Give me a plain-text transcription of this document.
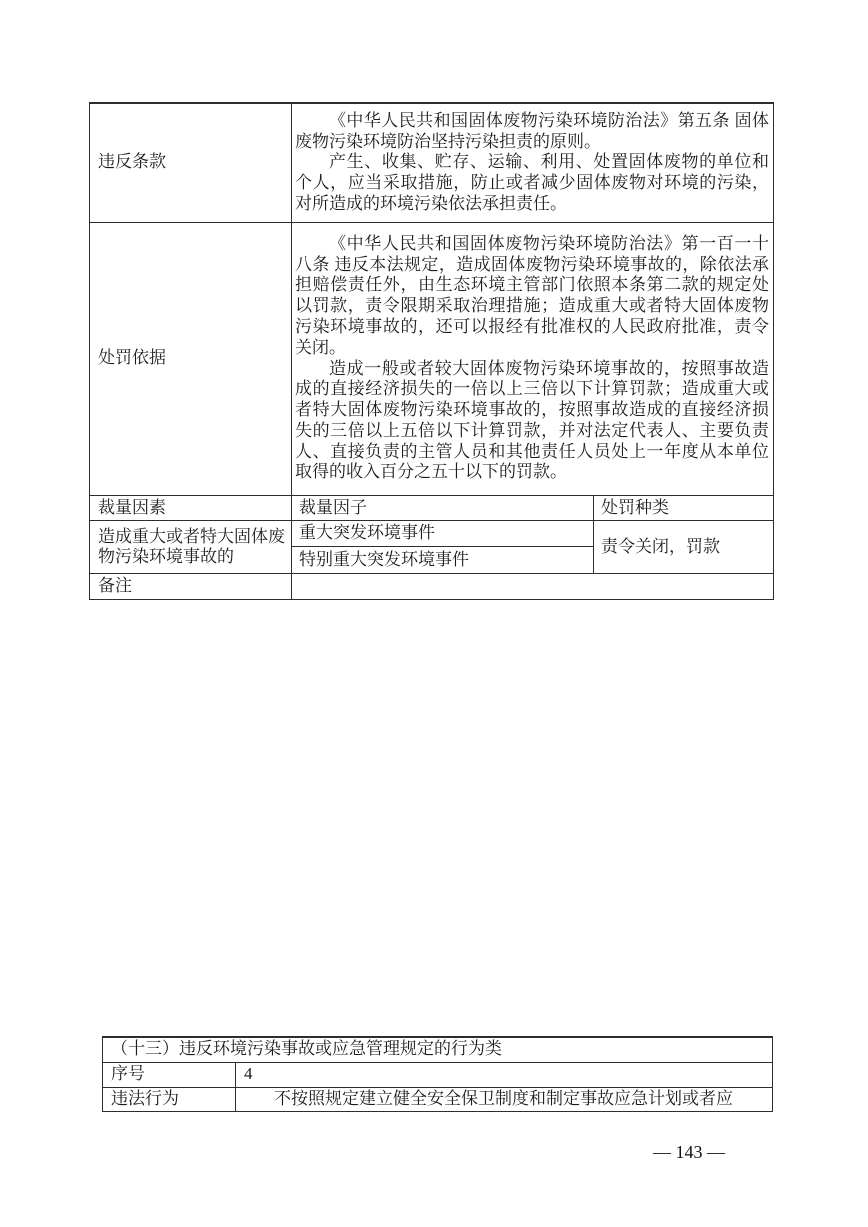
违反条款	《中华人民共和国固体废物污染环境防治法》第五条 固体废物污染环境防治坚持污染担责的原则。

产生、收集、贮存、运输、利用、处置固体废物的单位和个人，应当采取措施，防止或者减少固体废物对环境的污染，对所造成的环境污染依法承担责任。	

处罚依据	《中华人民共和国固体废物污染环境防治法》第一百一十八条 违反本法规定，造成固体废物污染环境事故的，除依法承担赔偿责任外，由生态环境主管部门依照本条第二款的规定处以罚款，责令限期采取治理措施；造成重大或者特大固体废物污染环境事故的，还可以报经有批准权的人民政府批准，责令关闭。

造成一般或者较大固体废物污染环境事故的，按照事故造成的直接经济损失的一倍以上三倍以下计算罚款；造成重大或者特大固体废物污染环境事故的，按照事故造成的直接经济损失的三倍以上五倍以下计算罚款，并对法定代表人、主要负责人、直接负责的主管人员和其他责任人员处上一年度从本单位取得的收入百分之五十以下的罚款。	

裁量因素	裁量因子	处罚种类
造成重大或者特大固体废物污染环境事故的	重大突发环境事件	责令关闭，罚款
	特别重大突发环境事件	
备注		
（十三）违反环境污染事故或应急管理规定的行为类	
序号	4
违法行为	不按照规定建立健全安全保卫制度和制定事故应急计划或者应
— 143 —
